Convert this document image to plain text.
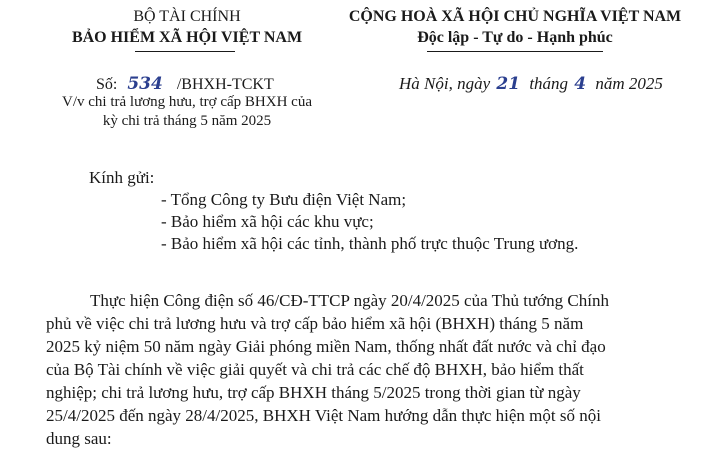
BỘ TÀI CHÍNH
BẢO HIỂM XÃ HỘI VIỆT NAM
Số: 534 /BHXH-TCKT
V/v chi trả lương hưu, trợ cấp BHXH của
kỳ chi trả tháng 5 năm 2025
CỘNG HOÀ XÃ HỘI CHỦ NGHĨA VIỆT NAM
Độc lập - Tự do - Hạnh phúc
Hà Nội, ngày 21 tháng 4 năm 2025
Kính gửi:
- Tổng Công ty Bưu điện Việt Nam;
- Bảo hiểm xã hội các khu vực;
- Bảo hiểm xã hội các tỉnh, thành phố trực thuộc Trung ương.
Thực hiện Công điện số 46/CĐ-TTCP ngày 20/4/2025 của Thủ tướng Chính
phủ về việc chi trả lương hưu và trợ cấp bảo hiểm xã hội (BHXH) tháng 5 năm
2025 kỷ niệm 50 năm ngày Giải phóng miền Nam, thống nhất đất nước và chỉ đạo
của Bộ Tài chính về việc giải quyết và chi trả các chế độ BHXH, bảo hiểm thất
nghiệp; chi trả lương hưu, trợ cấp BHXH tháng 5/2025 trong thời gian từ ngày
25/4/2025 đến ngày 28/4/2025, BHXH Việt Nam hướng dẫn thực hiện một số nội
dung sau:
